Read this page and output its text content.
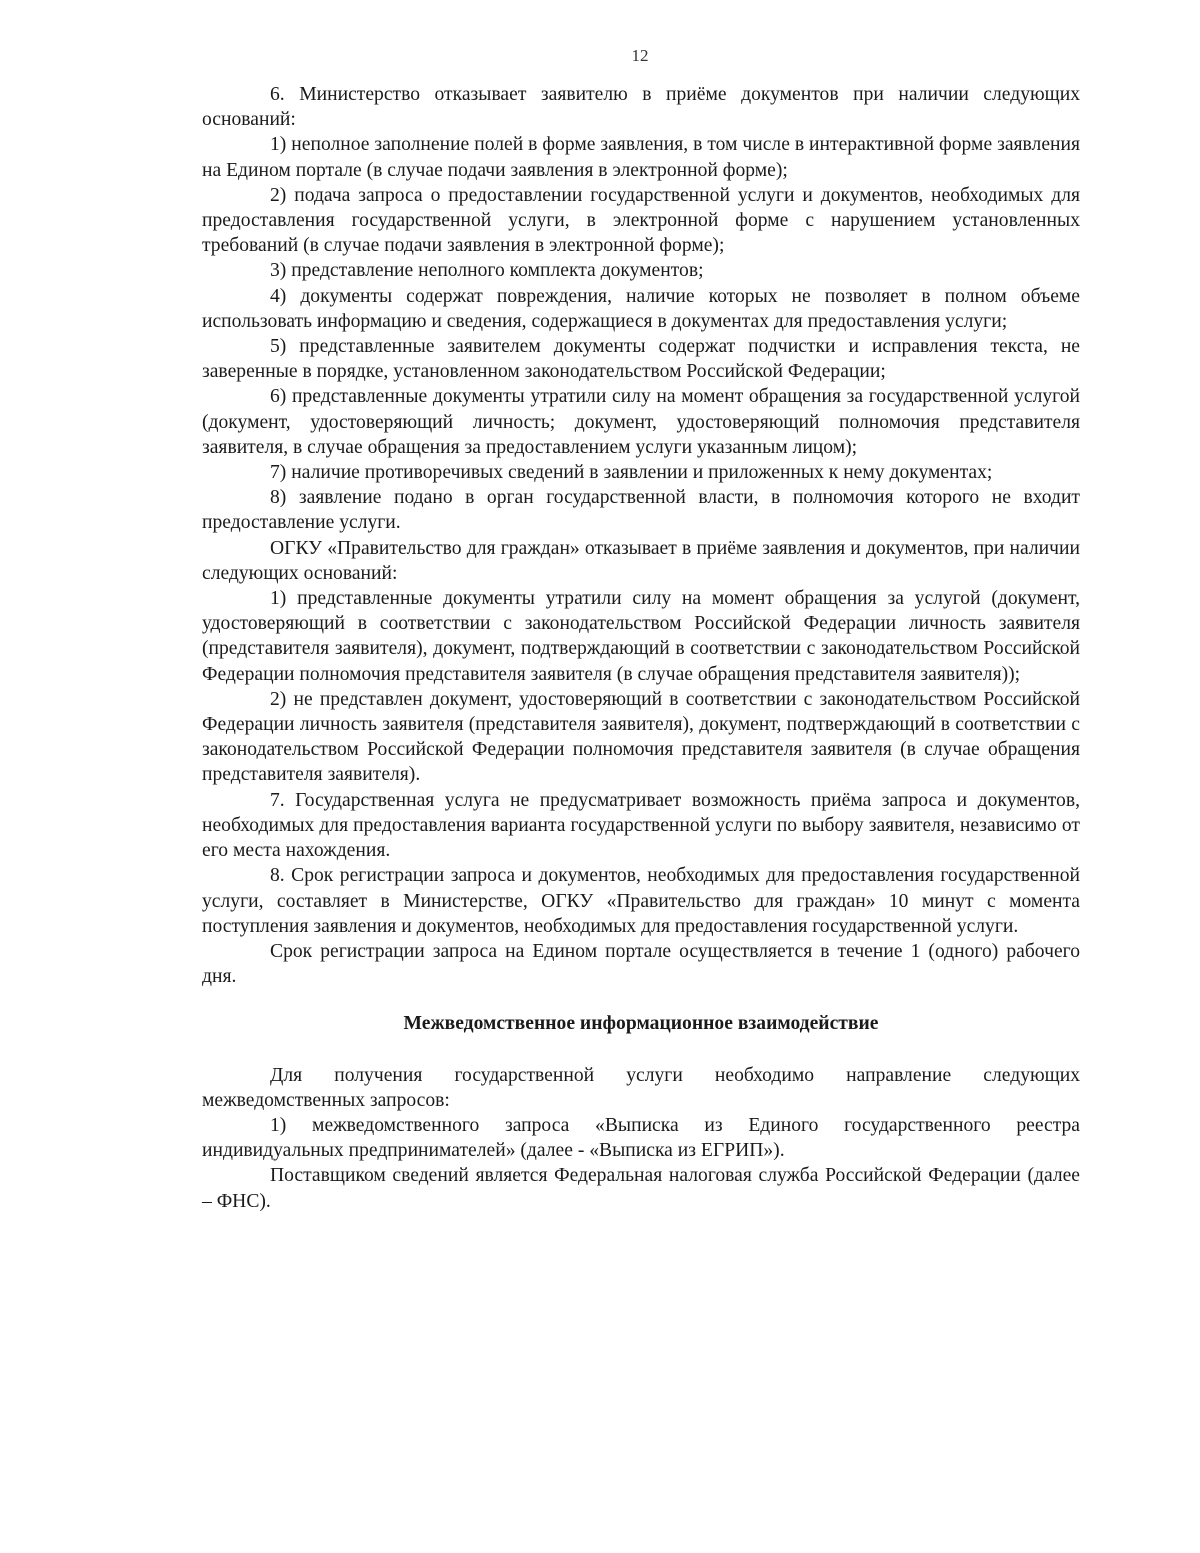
12

6. Министерство отказывает заявителю в приёме документов при наличии следующих оснований:

1) неполное заполнение полей в форме заявления, в том числе в интерактивной форме заявления на Едином портале (в случае подачи заявления в электронной форме);

2) подача запроса о предоставлении государственной услуги и документов, необходимых для предоставления государственной услуги, в электронной форме с нарушением установленных требований (в случае подачи заявления в электронной форме);

3) представление неполного комплекта документов;

4) документы содержат повреждения, наличие которых не позволяет в полном объеме использовать информацию и сведения, содержащиеся в документах для предоставления услуги;

5) представленные заявителем документы содержат подчистки и исправления текста, не заверенные в порядке, установленном законодательством Российской Федерации;

6) представленные документы утратили силу на момент обращения за государственной услугой (документ, удостоверяющий личность; документ, удостоверяющий полномочия представителя заявителя, в случае обращения за предоставлением услуги указанным лицом);

7) наличие противоречивых сведений в заявлении и приложенных к нему документах;

8) заявление подано в орган государственной власти, в полномочия которого не входит предоставление услуги.

ОГКУ «Правительство для граждан» отказывает в приёме заявления и документов, при наличии следующих оснований:

1) представленные документы утратили силу на момент обращения за услугой (документ, удостоверяющий в соответствии с законодательством Российской Федерации личность заявителя (представителя заявителя), документ, подтверждающий в соответствии с законодательством Российской Федерации полномочия представителя заявителя (в случае обращения представителя заявителя));

2) не представлен документ, удостоверяющий в соответствии с законодательством Российской Федерации личность заявителя (представителя заявителя), документ, подтверждающий в соответствии с законодательством Российской Федерации полномочия представителя заявителя (в случае обращения представителя заявителя).

7. Государственная услуга не предусматривает возможность приёма запроса и документов, необходимых для предоставления варианта государственной услуги по выбору заявителя, независимо от его места нахождения.

8. Срок регистрации запроса и документов, необходимых для предоставления государственной услуги, составляет в Министерстве, ОГКУ «Правительство для граждан» 10 минут с момента поступления заявления и документов, необходимых для предоставления государственной услуги.

Срок регистрации запроса на Едином портале осуществляется в течение 1 (одного) рабочего дня.

Межведомственное информационное взаимодействие

Для получения государственной услуги необходимо направление следующих межведомственных запросов:

1) межведомственного запроса «Выписка из Единого государственного реестра индивидуальных предпринимателей» (далее - «Выписка из ЕГРИП»).

Поставщиком сведений является Федеральная налоговая служба Российской Федерации (далее – ФНС).
